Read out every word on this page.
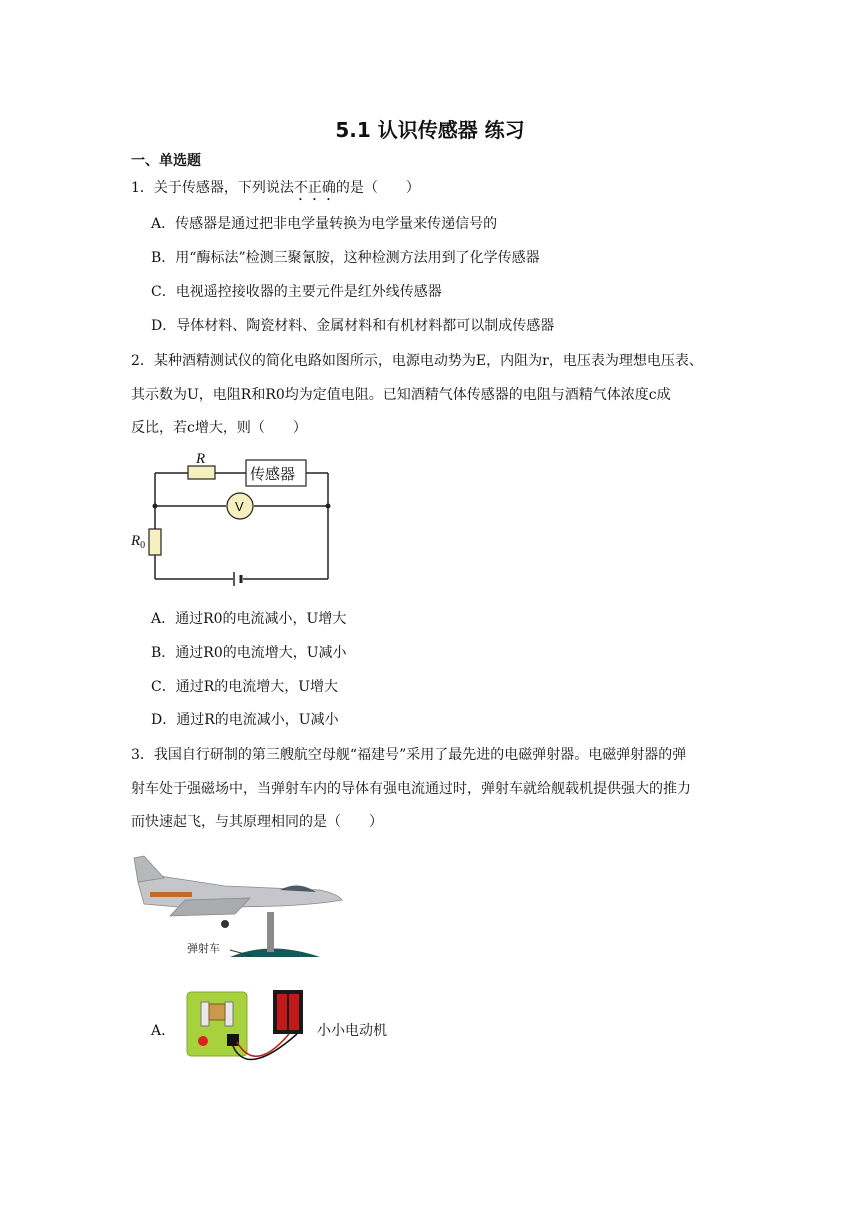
5.1 认识传感器 练习
一、单选题
1．关于传感器，下列说法不正确的是（　　）
A．传感器是通过把非电学量转换为电学量来传递信号的
B．用“酶标法”检测三聚氰胺，这种检测方法用到了化学传感器
C．电视遥控接收器的主要元件是红外线传感器
D．导体材料、陶瓷材料、金属材料和有机材料都可以制成传感器
2．某种酒精测试仪的简化电路如图所示，电源电动势为E，内阻为r，电压表为理想电压表、
其示数为U，电阻R和R0均为定值电阻。已知酒精气体传感器的电阻与酒精气体浓度c成
反比，若c增大，则（　　）
R
传感器
V
$R_0$
A．通过R0的电流减小，U增大
B．通过R0的电流增大，U减小
C．通过R的电流增大，U增大
D．通过R的电流减小，U减小
3．我国自行研制的第三艘航空母舰“福建号”采用了最先进的电磁弹射器。电磁弹射器的弹
射车处于强磁场中，当弹射车内的导体有强电流通过时，弹射车就给舰载机提供强大的推力
而快速起飞，与其原理相同的是（　　）
弹射车
A．	小小电动机
